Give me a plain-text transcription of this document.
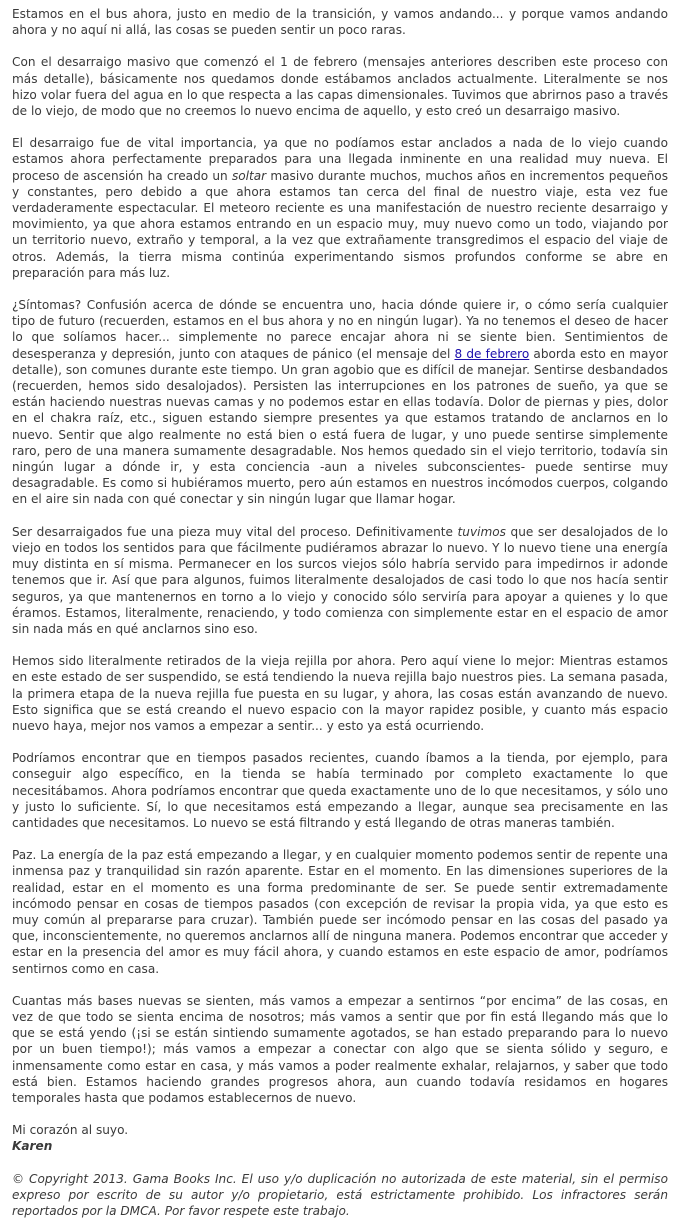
Estamos en el bus ahora, justo en medio de la transición, y vamos andando... y porque vamos andando ahora y no aquí ni allá, las cosas se pueden sentir un poco raras.

Con el desarraigo masivo que comenzó el 1 de febrero (mensajes anteriores describen este proceso con más detalle), básicamente nos quedamos donde estábamos anclados actualmente. Literalmente se nos hizo volar fuera del agua en lo que respecta a las capas dimensionales. Tuvimos que abrirnos paso a través de lo viejo, de modo que no creemos lo nuevo encima de aquello, y esto creó un desarraigo masivo.

El desarraigo fue de vital importancia, ya que no podíamos estar anclados a nada de lo viejo cuando estamos ahora perfectamente preparados para una llegada inminente en una realidad muy nueva. El proceso de ascensión ha creado un soltar masivo durante muchos, muchos años en incrementos pequeños y constantes, pero debido a que ahora estamos tan cerca del final de nuestro viaje, esta vez fue verdaderamente espectacular. El meteoro reciente es una manifestación de nuestro reciente desarraigo y movimiento, ya que ahora estamos entrando en un espacio muy, muy nuevo como un todo, viajando por un territorio nuevo, extraño y temporal, a la vez que extrañamente transgredimos el espacio del viaje de otros. Además, la tierra misma continúa experimentando sismos profundos conforme se abre en preparación para más luz.

¿Síntomas? Confusión acerca de dónde se encuentra uno, hacia dónde quiere ir, o cómo sería cualquier tipo de futuro (recuerden, estamos en el bus ahora y no en ningún lugar). Ya no tenemos el deseo de hacer lo que solíamos hacer... simplemente no parece encajar ahora ni se siente bien. Sentimientos de desesperanza y depresión, junto con ataques de pánico (el mensaje del 8 de febrero aborda esto en mayor detalle), son comunes durante este tiempo. Un gran agobio que es difícil de manejar. Sentirse desbandados (recuerden, hemos sido desalojados). Persisten las interrupciones en los patrones de sueño, ya que se están haciendo nuestras nuevas camas y no podemos estar en ellas todavía. Dolor de piernas y pies, dolor en el chakra raíz, etc., siguen estando siempre presentes ya que estamos tratando de anclarnos en lo nuevo. Sentir que algo realmente no está bien o está fuera de lugar, y uno puede sentirse simplemente raro, pero de una manera sumamente desagradable. Nos hemos quedado sin el viejo territorio, todavía sin ningún lugar a dónde ir, y esta conciencia -aun a niveles subconscientes- puede sentirse muy desagradable. Es como si hubiéramos muerto, pero aún estamos en nuestros incómodos cuerpos, colgando en el aire sin nada con qué conectar y sin ningún lugar que llamar hogar.

Ser desarraigados fue una pieza muy vital del proceso. Definitivamente tuvimos que ser desalojados de lo viejo en todos los sentidos para que fácilmente pudiéramos abrazar lo nuevo. Y lo nuevo tiene una energía muy distinta en sí misma. Permanecer en los surcos viejos sólo habría servido para impedirnos ir adonde tenemos que ir. Así que para algunos, fuimos literalmente desalojados de casi todo lo que nos hacía sentir seguros, ya que mantenernos en torno a lo viejo y conocido sólo serviría para apoyar a quienes y lo que éramos. Estamos, literalmente, renaciendo, y todo comienza con simplemente estar en el espacio de amor sin nada más en qué anclarnos sino eso.

Hemos sido literalmente retirados de la vieja rejilla por ahora. Pero aquí viene lo mejor: Mientras estamos en este estado de ser suspendido, se está tendiendo la nueva rejilla bajo nuestros pies. La semana pasada, la primera etapa de la nueva rejilla fue puesta en su lugar, y ahora, las cosas están avanzando de nuevo. Esto significa que se está creando el nuevo espacio con la mayor rapidez posible, y cuanto más espacio nuevo haya, mejor nos vamos a empezar a sentir... y esto ya está ocurriendo.

Podríamos encontrar que en tiempos pasados recientes, cuando íbamos a la tienda, por ejemplo, para conseguir algo específico, en la tienda se había terminado por completo exactamente lo que necesitábamos. Ahora podríamos encontrar que queda exactamente uno de lo que necesitamos, y sólo uno y justo lo suficiente. Sí, lo que necesitamos está empezando a llegar, aunque sea precisamente en las cantidades que necesitamos. Lo nuevo se está filtrando y está llegando de otras maneras también.

Paz. La energía de la paz está empezando a llegar, y en cualquier momento podemos sentir de repente una inmensa paz y tranquilidad sin razón aparente. Estar en el momento. En las dimensiones superiores de la realidad, estar en el momento es una forma predominante de ser. Se puede sentir extremadamente incómodo pensar en cosas de tiempos pasados (con excepción de revisar la propia vida, ya que esto es muy común al prepararse para cruzar). También puede ser incómodo pensar en las cosas del pasado ya que, inconscientemente, no queremos anclarnos allí de ninguna manera. Podemos encontrar que acceder y estar en la presencia del amor es muy fácil ahora, y cuando estamos en este espacio de amor, podríamos sentirnos como en casa.

Cuantas más bases nuevas se sienten, más vamos a empezar a sentirnos “por encima” de las cosas, en vez de que todo se sienta encima de nosotros; más vamos a sentir que por fin está llegando más que lo que se está yendo (¡si se están sintiendo sumamente agotados, se han estado preparando para lo nuevo por un buen tiempo!); más vamos a empezar a conectar con algo que se sienta sólido y seguro, e inmensamente como estar en casa, y más vamos a poder realmente exhalar, relajarnos, y saber que todo está bien. Estamos haciendo grandes progresos ahora, aun cuando todavía residamos en hogares temporales hasta que podamos establecernos de nuevo.

Mi corazón al suyo.
Karen

© Copyright 2013. Gama Books Inc. El uso y/o duplicación no autorizada de este material, sin el permiso expreso por escrito de su autor y/o propietario, está estrictamente prohibido. Los infractores serán reportados por la DMCA. Por favor respete este trabajo.
